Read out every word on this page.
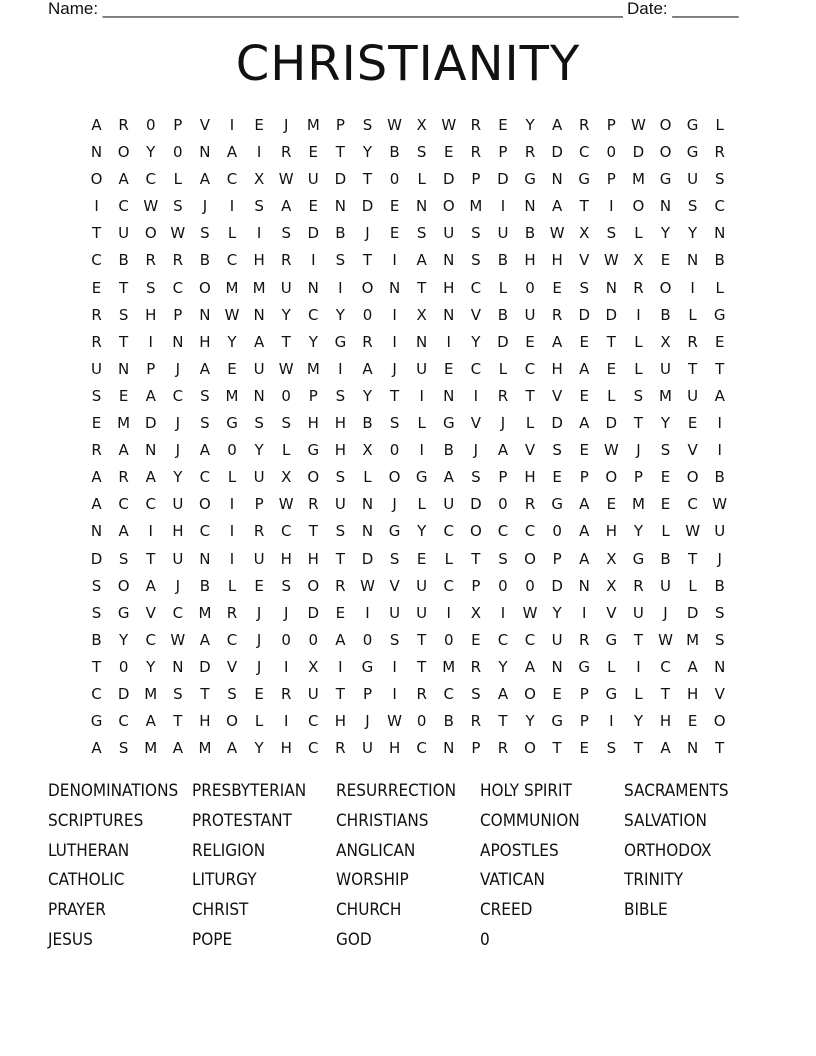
Name: _______________________________________________________ Date: _______
CHRISTIANITY
A	R	0	P	V	I	E	J	M	P	S W X W R	E	Y	A	R	P	W O	G	L
N	O	Y	0	N	A	I	R	E	T	Y	B	S	E	R	P	R	D	C	0	D	O	G	R
O	A	C	L	A	C	X W U	D	T	0	L	D	P	D	G	N	G	P	M G	U	S
I	C W S	J	I	S	A	E	N	D	E	N	O M	I	N	A	T	I	O	N	S	C
T	U	O W S	L	I	S	D	B	J	E	S	U	S	U	B W X	S	L	Y	Y	N
C	B	R	R	B	C	H	R	I	S	T	I	A	N	S	B	H	H	V W X	E	N	B
E	T	S	C	O M M	U	N	I	O	N	T	H	C	L	0	E	S	N	R	O	I	L
R	S	H	P	N W N	Y	C	Y	0	I	X	N	V	B	U	R	D	D	I	B	L	G
R	T	I	N	H	Y	A	T	Y	G	R	I	N	I	Y	D	E	A	E	T	L	X	R	E
U	N	P	J	A	E	U W M	I	A	J	U	E	C	L	C	H	A	E	L	U	T	T
S	E	A	C	S	M	N	0	P	S	Y	T	I	N	I	R	T	V	E	L	S	M	U	A
E	M D	J	S	G	S	S	H	H	B	S	L	G	V	J	L	D	A	D	T	Y	E	I
R	A	N	J	A	0	Y	L	G	H	X	0	I	B	J	A	V	S	E W	J	S	V	I
A	R	A	Y	C	L	U	X	O	S	L	O	G	A	S	P	H	E	P	O	P	E	O	B
A	C	C	U	O	I	P	W R	U	N	J	L	U	D	0	R	G	A	E	M	E	C W
N	A	I	H	C	I	R	C	T	S	N	G	Y	C	O	C	C	0	A	H	Y	L	W U
D	S	T	U	N	I	U	H	H	T	D	S	E	L	T	S	O	P	A	X	G	B	T	J
S	O	A	J	B	L	E	S	O	R W V	U	C	P	0	0	D	N	X	R	U	L	B
S	G	V	C	M	R	J	J	D	E	I	U	U	I	X	I	W	Y	I	V	U	J	D	S
B	Y	C W A	C	J	0	0	A	0	S	T	0	E	C	C	U	R	G	T	W M	S
T	0	Y	N	D	V	J	I	X	I	G	I	T	M	R	Y	A	N	G	L	I	C	A	N
C	D M	S	T	S	E	R	U	T	P	I	R	C	S	A	O	E	P	G	L	T	H	V
G	C	A	T	H	O	L	I	C	H	J	W 0	B	R	T	Y	G	P	I	Y	H	E	O
A	S	M	A	M	A	Y	H	C	R	U	H	C	N	P	R	O	T	E	S	T	A	N	T
DENOMINATIONS PRESBYTERIAN	RESURRECTION	HOLY SPIRIT	SACRAMENTS
SCRIPTURES	PROTESTANT	CHRISTIANS	COMMUNION	SALVATION
LUTHERAN	RELIGION	ANGLICAN	APOSTLES	ORTHODOX
CATHOLIC	LITURGY	WORSHIP	VATICAN	TRINITY
PRAYER	CHRIST	CHURCH	CREED	BIBLE
JESUS	POPE	GOD	0
